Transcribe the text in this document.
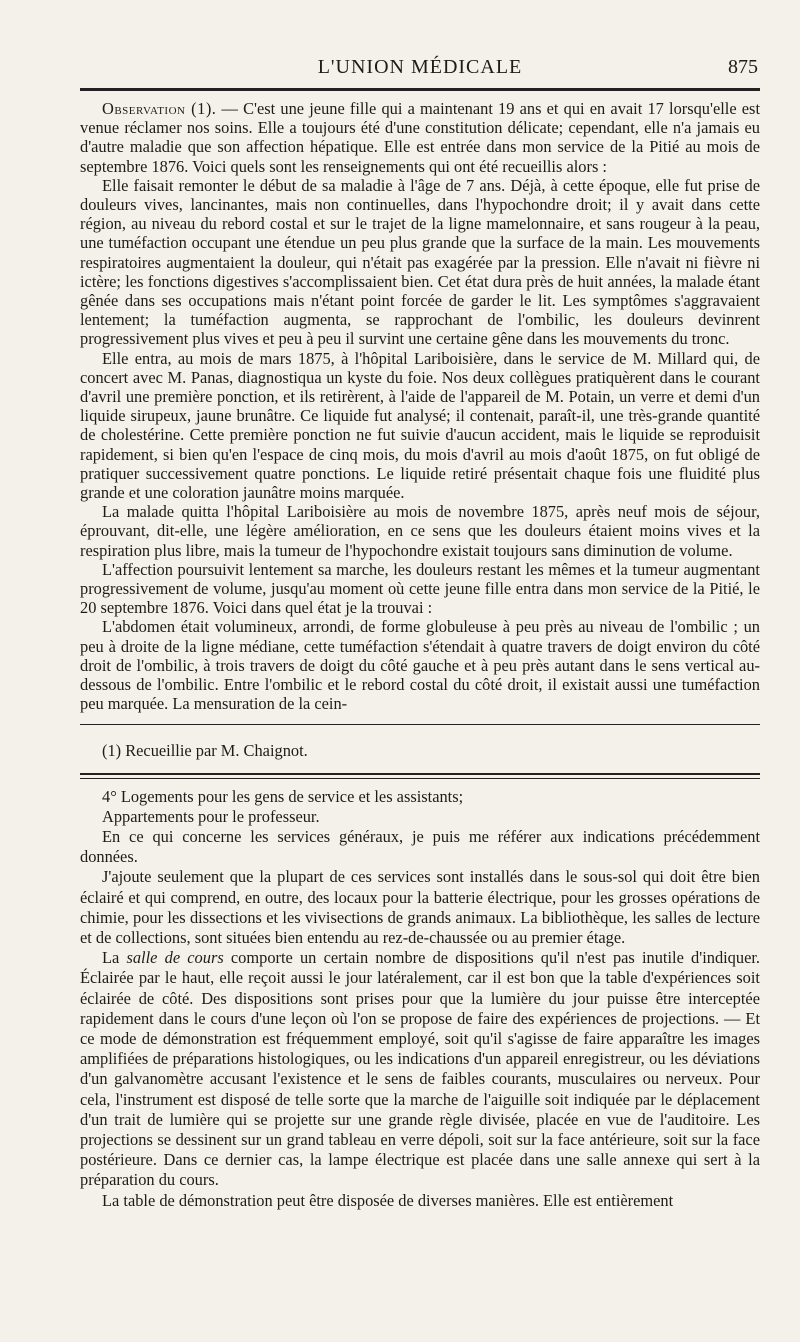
L'UNION MÉDICALE	875

Observation (1). — C'est une jeune fille qui a maintenant 19 ans et qui en avait 17 lorsqu'elle est venue réclamer nos soins. Elle a toujours été d'une constitution délicate; cependant, elle n'a jamais eu d'autre maladie que son affection hépatique. Elle est entrée dans mon service de la Pitié au mois de septembre 1876. Voici quels sont les renseignements qui ont été recueillis alors :

Elle faisait remonter le début de sa maladie à l'âge de 7 ans. Déjà, à cette époque, elle fut prise de douleurs vives, lancinantes, mais non continuelles, dans l'hypochondre droit; il y avait dans cette région, au niveau du rebord costal et sur le trajet de la ligne mamelonnaire, et sans rougeur à la peau, une tuméfaction occupant une étendue un peu plus grande que la surface de la main. Les mouvements respiratoires augmentaient la douleur, qui n'était pas exagérée par la pression. Elle n'avait ni fièvre ni ictère; les fonctions digestives s'accomplissaient bien. Cet état dura près de huit années, la malade étant gênée dans ses occupations mais n'étant point forcée de garder le lit. Les symptômes s'aggravaient lentement; la tuméfaction augmenta, se rapprochant de l'ombilic, les douleurs devinrent progressivement plus vives et peu à peu il survint une certaine gêne dans les mouvements du tronc.

Elle entra, au mois de mars 1875, à l'hôpital Lariboisière, dans le service de M. Millard qui, de concert avec M. Panas, diagnostiqua un kyste du foie. Nos deux collègues pratiquèrent dans le courant d'avril une première ponction, et ils retirèrent, à l'aide de l'appareil de M. Potain, un verre et demi d'un liquide sirupeux, jaune brunâtre. Ce liquide fut analysé; il contenait, paraît-il, une très-grande quantité de cholestérine. Cette première ponction ne fut suivie d'aucun accident, mais le liquide se reproduisit rapidement, si bien qu'en l'espace de cinq mois, du mois d'avril au mois d'août 1875, on fut obligé de pratiquer successivement quatre ponctions. Le liquide retiré présentait chaque fois une fluidité plus grande et une coloration jaunâtre moins marquée.

La malade quitta l'hôpital Lariboisière au mois de novembre 1875, après neuf mois de séjour, éprouvant, dit-elle, une légère amélioration, en ce sens que les douleurs étaient moins vives et la respiration plus libre, mais la tumeur de l'hypochondre existait toujours sans diminution de volume.

L'affection poursuivit lentement sa marche, les douleurs restant les mêmes et la tumeur augmentant progressivement de volume, jusqu'au moment où cette jeune fille entra dans mon service de la Pitié, le 20 septembre 1876. Voici dans quel état je la trouvai :

L'abdomen était volumineux, arrondi, de forme globuleuse à peu près au niveau de l'ombilic ; un peu à droite de la ligne médiane, cette tuméfaction s'étendait à quatre travers de doigt environ du côté droit de l'ombilic, à trois travers de doigt du côté gauche et à peu près autant dans le sens vertical au-dessous de l'ombilic. Entre l'ombilic et le rebord costal du côté droit, il existait aussi une tuméfaction peu marquée. La mensuration de la cein-

(1) Recueillie par M. Chaignot.

4° Logements pour les gens de service et les assistants;

Appartements pour le professeur.

En ce qui concerne les services généraux, je puis me référer aux indications précédemment données.

J'ajoute seulement que la plupart de ces services sont installés dans le sous-sol qui doit être bien éclairé et qui comprend, en outre, des locaux pour la batterie électrique, pour les grosses opérations de chimie, pour les dissections et les vivisections de grands animaux. La bibliothèque, les salles de lecture et de collections, sont situées bien entendu au rez-de-chaussée ou au premier étage.

La salle de cours comporte un certain nombre de dispositions qu'il n'est pas inutile d'indiquer. Éclairée par le haut, elle reçoit aussi le jour latéralement, car il est bon que la table d'expériences soit éclairée de côté. Des dispositions sont prises pour que la lumière du jour puisse être interceptée rapidement dans le cours d'une leçon où l'on se propose de faire des expériences de projections. — Et ce mode de démonstration est fréquemment employé, soit qu'il s'agisse de faire apparaître les images amplifiées de préparations histologiques, ou les indications d'un appareil enregistreur, ou les déviations d'un galvanomètre accusant l'existence et le sens de faibles courants, musculaires ou nerveux. Pour cela, l'instrument est disposé de telle sorte que la marche de l'aiguille soit indiquée par le déplacement d'un trait de lumière qui se projette sur une grande règle divisée, placée en vue de l'auditoire. Les projections se dessinent sur un grand tableau en verre dépoli, soit sur la face antérieure, soit sur la face postérieure. Dans ce dernier cas, la lampe électrique est placée dans une salle annexe qui sert à la préparation du cours.

La table de démonstration peut être disposée de diverses manières. Elle est entièrement
